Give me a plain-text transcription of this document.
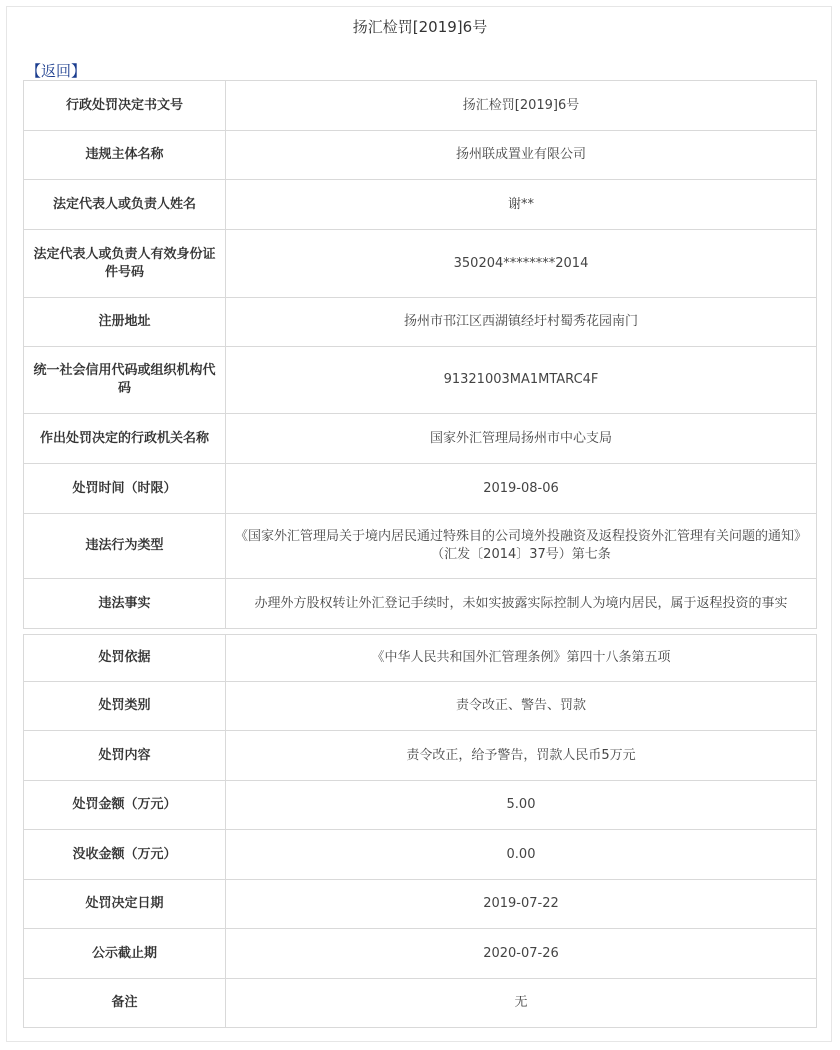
扬汇检罚[2019]6号
【返回】
行政处罚决定书文号	扬汇检罚[2019]6号
违规主体名称	扬州联成置业有限公司
法定代表人或负责人姓名	谢**
法定代表人或负责人有效身份证件号码	350204********2014
注册地址	扬州市邗江区西湖镇经圩村蜀秀花园南门
统一社会信用代码或组织机构代码	91321003MA1MTARC4F
作出处罚决定的行政机关名称	国家外汇管理局扬州市中心支局
处罚时间（时限）	2019-08-06
违法行为类型	《国家外汇管理局关于境内居民通过特殊目的公司境外投融资及返程投资外汇管理有关问题的通知》（汇发〔2014〕37号）第七条
违法事实	办理外方股权转让外汇登记手续时，未如实披露实际控制人为境内居民，属于返程投资的事实
处罚依据	《中华人民共和国外汇管理条例》第四十八条第五项
处罚类别	责令改正、警告、罚款
处罚内容	责令改正，给予警告，罚款人民币5万元
处罚金额（万元）	5.00
没收金额（万元）	0.00
处罚决定日期	2019-07-22
公示截止期	2020-07-26
备注	无
